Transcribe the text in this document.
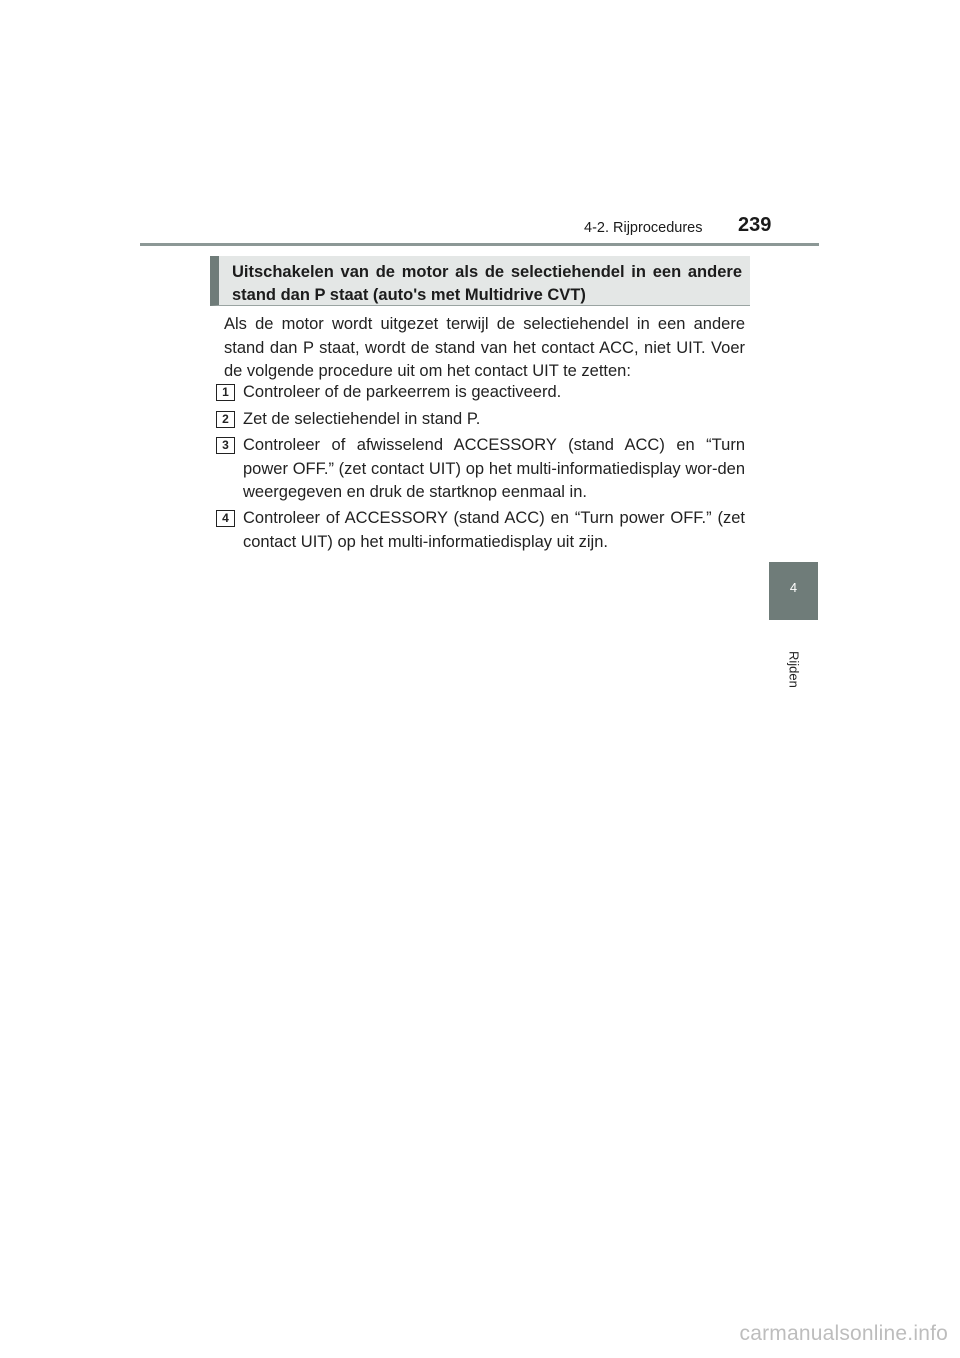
4-2. Rijprocedures 239
4
Rijden
Uitschakelen van de motor als de selectiehendel in een andere stand dan P staat (auto's met Multidrive CVT)
Als de motor wordt uitgezet terwijl de selectiehendel in een andere stand dan P staat, wordt de stand van het contact ACC, niet UIT. Voer de volgende procedure uit om het contact UIT te zetten:
1 Controleer of de parkeerrem is geactiveerd.
2 Zet de selectiehendel in stand P.
3 Controleer of afwisselend ACCESSORY (stand ACC) en “Turn power OFF.” (zet contact UIT) op het multi-informatiedisplay wor-den weergegeven en druk de startknop eenmaal in.
4 Controleer of ACCESSORY (stand ACC) en “Turn power OFF.” (zet contact UIT) op het multi-informatiedisplay uit zijn.
carmanualsonline.info
